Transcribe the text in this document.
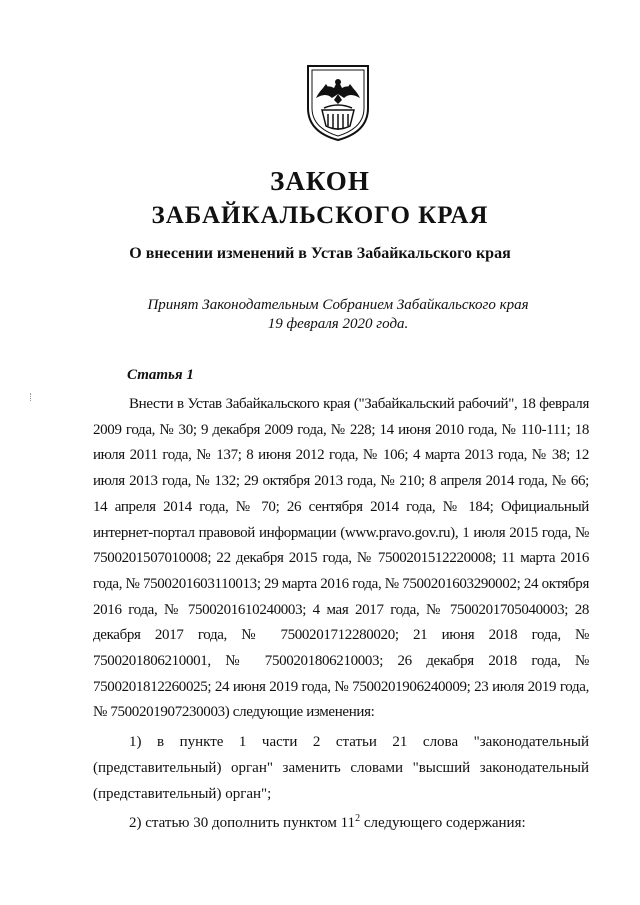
ЗАКОН
ЗАБАЙКАЛЬСКОГО КРАЯ
О внесении изменений в Устав Забайкальского края
Принят Законодательным Собранием Забайкальского края
19 февраля 2020 года.
Статья 1

Внести в Устав Забайкальского края ("Забайкальский рабочий", 18 февраля 2009 года, № 30; 9 декабря 2009 года, № 228; 14 июня 2010 года, № 110-111; 18 июля 2011 года, № 137; 8 июня 2012 года, № 106; 4 марта 2013 года, № 38; 12 июля 2013 года, № 132; 29 октября 2013 года, № 210; 8 апреля 2014 года, № 66; 14 апреля 2014 года, № 70; 26 сентября 2014 года, № 184; Официальный интернет-портал правовой информации (www.pravo.gov.ru), 1 июля 2015 года, № 7500201507010008; 22 декабря 2015 года, № 7500201512220008; 11 марта 2016 года, № 7500201603110013; 29 марта 2016 года, № 7500201603290002; 24 октября 2016 года, № 7500201610240003; 4 мая 2017 года, № 7500201705040003; 28 декабря 2017 года, № 7500201712280020; 21 июня 2018 года, № 7500201806210001, № 7500201806210003; 26 декабря 2018 года, № 7500201812260025; 24 июня 2019 года, № 7500201906240009; 23 июля 2019 года, № 7500201907230003) следующие изменения:

1) в пункте 1 части 2 статьи 21 слова "законодательный (представительный) орган" заменить словами "высший законодательный (представительный) орган";

2) статью 30 дополнить пунктом $11^2$ следующего содержания:
